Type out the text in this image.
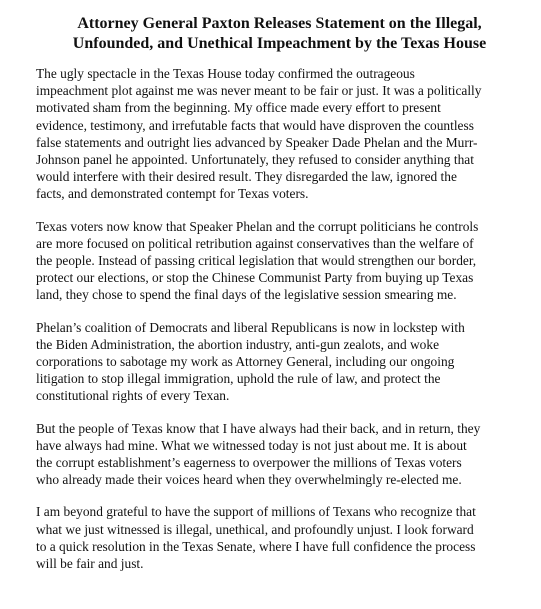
Attorney General Paxton Releases Statement on the Illegal,
Unfounded, and Unethical Impeachment by the Texas House

The ugly spectacle in the Texas House today confirmed the outrageous
impeachment plot against me was never meant to be fair or just. It was a politically
motivated sham from the beginning. My office made every effort to present
evidence, testimony, and irrefutable facts that would have disproven the countless
false statements and outright lies advanced by Speaker Dade Phelan and the Murr-
Johnson panel he appointed. Unfortunately, they refused to consider anything that
would interfere with their desired result. They disregarded the law, ignored the
facts, and demonstrated contempt for Texas voters.

Texas voters now know that Speaker Phelan and the corrupt politicians he controls
are more focused on political retribution against conservatives than the welfare of
the people. Instead of passing critical legislation that would strengthen our border,
protect our elections, or stop the Chinese Communist Party from buying up Texas
land, they chose to spend the final days of the legislative session smearing me.

Phelan’s coalition of Democrats and liberal Republicans is now in lockstep with
the Biden Administration, the abortion industry, anti-gun zealots, and woke
corporations to sabotage my work as Attorney General, including our ongoing
litigation to stop illegal immigration, uphold the rule of law, and protect the
constitutional rights of every Texan.

But the people of Texas know that I have always had their back, and in return, they
have always had mine. What we witnessed today is not just about me. It is about
the corrupt establishment’s eagerness to overpower the millions of Texas voters
who already made their voices heard when they overwhelmingly re-elected me.

I am beyond grateful to have the support of millions of Texans who recognize that
what we just witnessed is illegal, unethical, and profoundly unjust. I look forward
to a quick resolution in the Texas Senate, where I have full confidence the process
will be fair and just.
